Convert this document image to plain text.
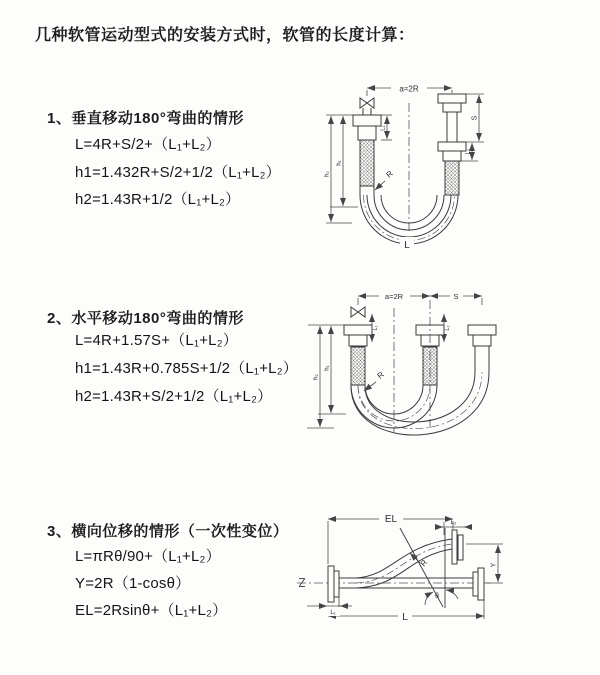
几种软管运动型式的安装方式时，软管的长度计算：
1、垂直移动180°弯曲的情形
L=4R+S/2+（L₁+L₂）
h1=1.432R+S/2+1/2（L₁+L₂）
h2=1.43R+1/2（L₁+L₂）
2、水平移动180°弯曲的情形
L=4R+1.57S+（L₁+L₂）
h1=1.43R+0.785S+1/2（L₁+L₂）
h2=1.43R+S/2+1/2（L₁+L₂）
3、横向位移的情形（一次性变位）
L=πRθ/90+（L₁+L₂）
Y=2R（1-cosθ）
EL=2Rsinθ+（L₁+L₂）
a=2R
L₁
S
L₂
h₁
h₂	R
L
a=2R	S
L₁	L₂
h₁
h₂	R
EL	L₂
Y
R
θ
L₁	L
